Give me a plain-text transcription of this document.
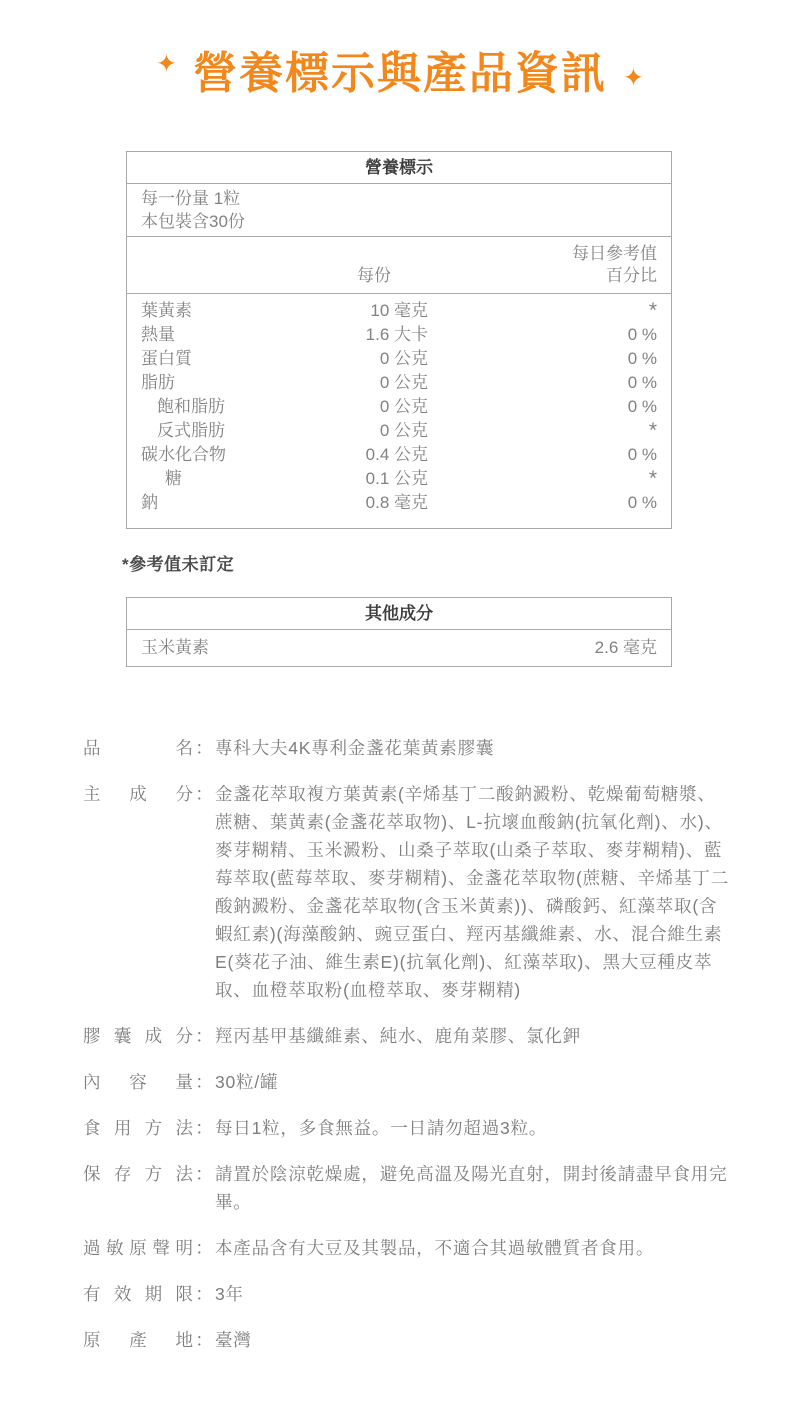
✦ 營養標示與產品資訊 ✦
營養標示
每一份量 1粒
本包裝含30份
每日參考值
每份	百分比
葉黃素	10 毫克	*
熱量	1.6 大卡	0 %
蛋白質	0 公克	0 %
脂肪	0 公克	0 %
飽和脂肪	0 公克	0 %
反式脂肪	0 公克	*
碳水化合物	0.4 公克	0 %
糖	0.1 公克	*
鈉	0.8 毫克	0 %
*參考值未訂定
其他成分
玉米黃素	2.6 毫克
品名 ： 專科大夫4K專利金盞花葉黃素膠囊
主成分 ： 金盞花萃取複方葉黃素(辛烯基丁二酸鈉澱粉、乾燥葡萄糖漿、蔗糖、葉黃素(金盞花萃取物)、L-抗壞血酸鈉(抗氧化劑)、水)、麥芽糊精、玉米澱粉、山桑子萃取(山桑子萃取、麥芽糊精)、藍莓萃取(藍莓萃取、麥芽糊精)、金盞花萃取物(蔗糖、辛烯基丁二酸鈉澱粉、金盞花萃取物(含玉米黃素))、磷酸鈣、紅藻萃取(含蝦紅素)(海藻酸鈉、豌豆蛋白、羥丙基纖維素、水、混合維生素E(葵花子油、維生素E)(抗氧化劑)、紅藻萃取)、黑大豆種皮萃取、血橙萃取粉(血橙萃取、麥芽糊精)
膠囊成分 ： 羥丙基甲基纖維素、純水、鹿角菜膠、氯化鉀
內容量 ： 30粒/罐
食用方法 ： 每日1粒，多食無益。一日請勿超過3粒。
保存方法 ： 請置於陰涼乾燥處，避免高溫及陽光直射，開封後請盡早食用完畢。
過敏原聲明 ： 本產品含有大豆及其製品，不適合其過敏體質者食用。
有效期限 ： 3年
原產地 ： 臺灣
